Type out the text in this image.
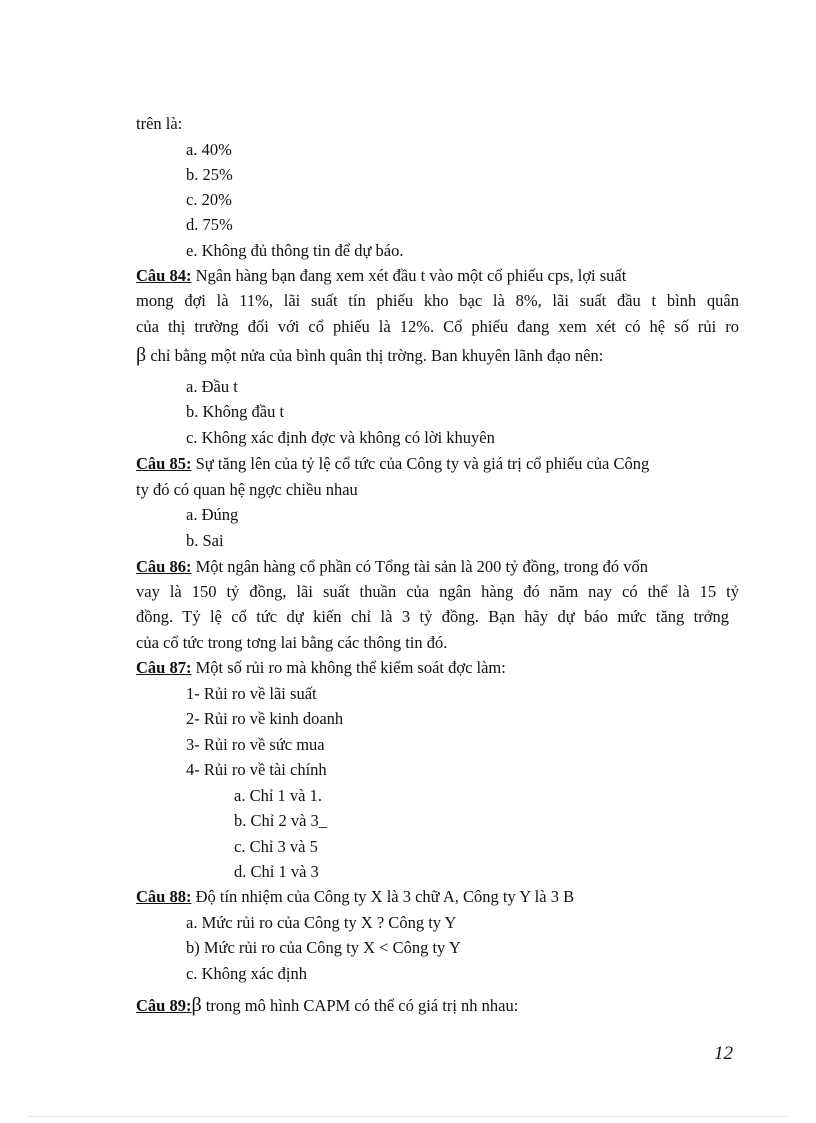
trên là:
a. 40%
b. 25%
c. 20%
d. 75%
e. Không đủ thông tin để dự báo.
Câu 84: Ngân hàng bạn đang xem xét đầu t vào một cổ phiếu cps, lợi suất
mong đợi là 11%, lãi suất tín phiếu kho bạc là 8%, lãi suất đầu t bình quân
của thị trường đối với cổ phiếu là 12%. Cổ phiếu đang xem xét có hệ số rủi ro
β chỉ bằng một nửa của bình quân thị trờng. Ban khuyên lãnh đạo nên:
a. Đầu t
b. Không đầu t
c. Không xác định đợc và không có lời khuyên
Câu 85: Sự tăng lên của tỷ lệ cổ tức của Công ty và giá trị cổ phiếu của Công
ty đó có quan hệ ngợc chiều nhau
a. Đúng
b. Sai
Câu 86: Một ngân hàng cổ phần có Tổng tài sản là 200 tỷ đồng, trong đó vốn
vay là 150 tỷ đồng, lãi suất thuần của ngân hàng đó năm nay có thể là 15 tỷ
đồng. Tỷ lệ cổ tức dự kiến chỉ là 3 tỷ đồng. Bạn hãy dự báo mức tăng trởng
của cổ tức trong tơng lai bằng các thông tin đó.
Câu 87: Một số rủi ro mà không thể kiểm soát đợc làm:
1- Rủi ro về lãi suất
2- Rủi ro về kinh doanh
3- Rủi ro về sức mua
4- Rủi ro về tài chính
a. Chỉ 1 và 1.
b. Chỉ 2 và 3_
c. Chỉ 3 và 5
d. Chỉ 1 và 3
Câu 88: Độ tín nhiệm của Công ty X là 3 chữ A, Công ty Y là 3 B
a. Mức rủi ro của Công ty X ? Công ty Y
b) Mức rủi ro của Công ty X < Công ty Y
c. Không xác định
Câu 89:β trong mô hình CAPM có thể có giá trị nh nhau:
12
